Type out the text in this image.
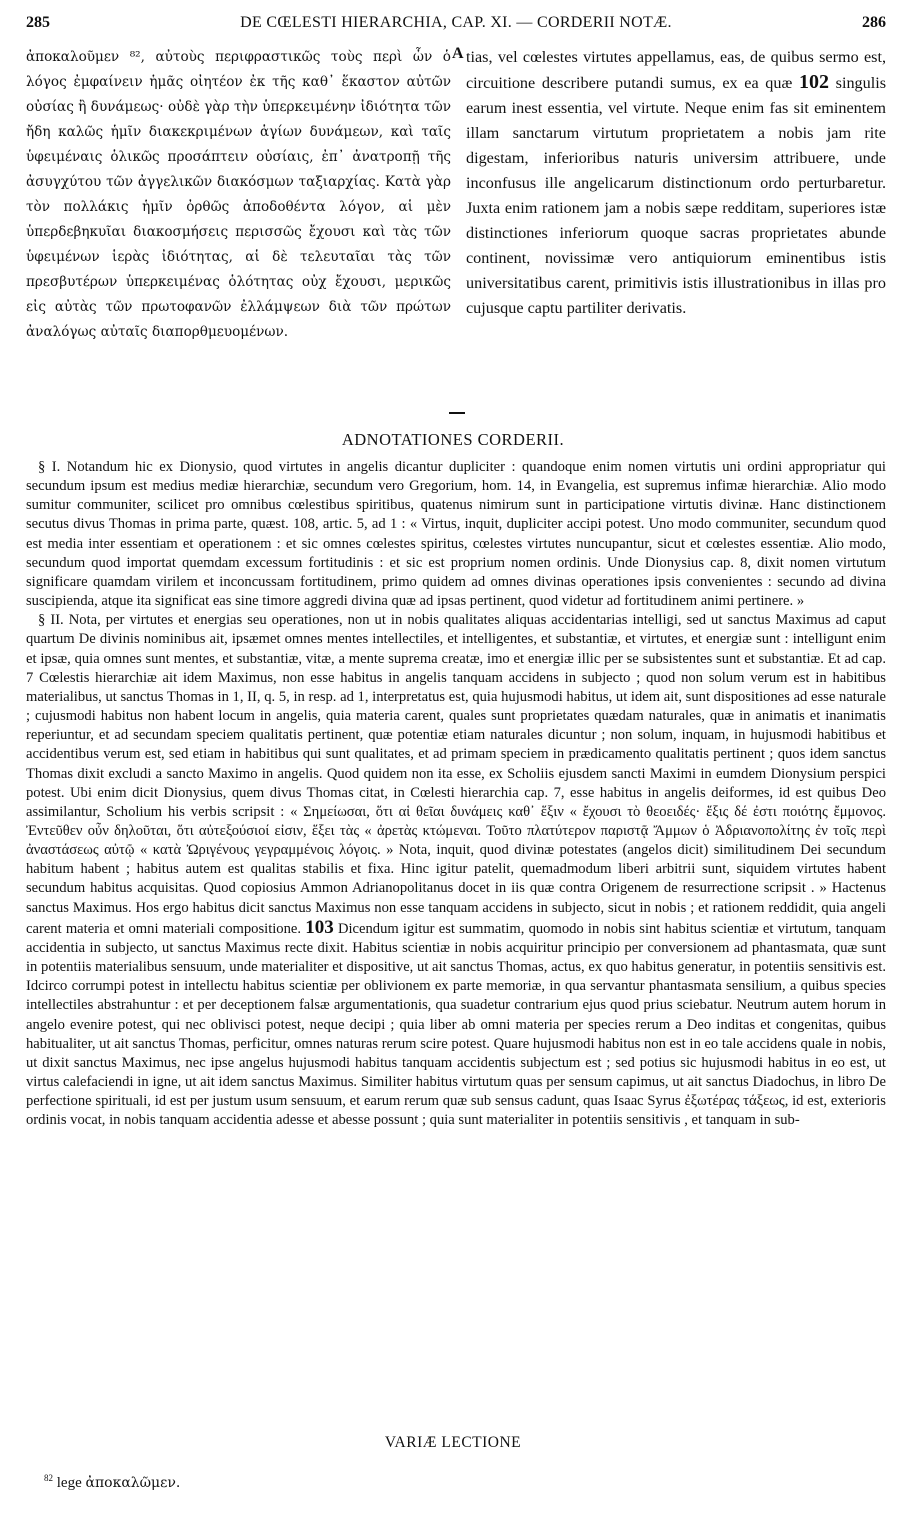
285	DE CŒLESTI HIERARCHIA, CAP. XI. — CORDERII NOTÆ.	286
ἀποκαλοῦμεν ⁸², αὐτοὺς περιφραστικῶς τοὺς περὶ ὧν ὁ λόγος ἐμφαίνειν ἡμᾶς οἰητέον ἐκ τῆς καθ᾽ ἕκαστον αὐτῶν οὐσίας ἢ δυνάμεως· οὐδὲ γὰρ τὴν ὑπερκειμένην ἰδιότητα τῶν ἤδη καλῶς ἡμῖν διακεκριμένων ἁγίων δυνάμεων, καὶ ταῖς ὑφειμέναις ὁλικῶς προσάπτειν οὐσίαις, ἐπ᾽ ἀνατροπῇ τῆς ἀσυγχύτου τῶν ἀγγελικῶν διακόσμων ταξιαρχίας. Κατὰ γὰρ τὸν πολλάκις ἡμῖν ὀρθῶς ἀποδοθέντα λόγον, αἱ μὲν ὑπερδεβηκυῖαι διακοσμήσεις περισσῶς ἔχουσι καὶ τὰς τῶν ὑφειμένων ἱερὰς ἰδιότητας, αἱ δὲ τελευταῖαι τὰς τῶν πρεσβυτέρων ὑπερκειμένας ὁλότητας οὐχ ἔχουσι, μερικῶς εἰς αὐτὰς τῶν πρωτοφανῶν ἐλλάμψεων διὰ τῶν πρώτων ἀναλόγως αὐταῖς διαπορθμευομένων.
A tias, vel cœlestes virtutes appellamus, eas, de quibus sermo est, circuitione describere putandi sumus, ex ea quæ 102 singulis earum inest essentia, vel virtute. Neque enim fas sit eminentem illam sanctarum virtutum proprietatem a nobis jam rite digestam, inferioribus naturis universim attribuere, unde inconfusus ille angelicarum distinctionum ordo perturbaretur. Juxta enim rationem jam a nobis sæpe redditam, superiores istæ distinctiones inferiorum quoque sacras proprietates abunde continent, novissimæ vero antiquiorum eminentibus istis universitatibus carent, primitivis istis illustrationibus in illas pro cujusque captu partiliter derivatis.
ADNOTATIONES CORDERII.

§ I. Notandum hic ex Dionysio, quod virtutes in angelis dicantur dupliciter : quandoque enim nomen virtutis uni ordini appropriatur qui secundum ipsum est medius mediæ hierarchiæ, secundum vero Gregorium, hom. 14, in Evangelia, est supremus infimæ hierarchiæ. Alio modo sumitur communiter, scilicet pro omnibus cœlestibus spiritibus, quatenus nimirum sunt in participatione virtutis divinæ. Hanc distinctionem secutus divus Thomas in prima parte, quæst. 108, artic. 5, ad 1 : « Virtus, inquit, dupliciter accipi potest. Uno modo communiter, secundum quod est media inter essentiam et operationem : et sic omnes cœlestes spiritus, cœlestes virtutes nuncupantur, sicut et cœlestes essentiæ. Alio modo, secundum quod importat quemdam excessum fortitudinis : et sic est proprium nomen ordinis. Unde Dionysius cap. 8, dixit nomen virtutum significare quamdam virilem et inconcussam fortitudinem, primo quidem ad omnes divinas operationes ipsis convenientes : secundo ad divina suscipienda, atque ita significat eas sine timore aggredi divina quæ ad ipsas pertinent, quod videtur ad fortitudinem animi pertinere. »

§ II. Nota, per virtutes et energias seu operationes, non ut in nobis qualitates aliquas accidentarias intelligi, sed ut sanctus Maximus ad caput quartum De divinis nominibus ait, ipsæmet omnes mentes intellectiles, et intelligentes, et substantiæ, et virtutes, et energiæ sunt : intelligunt enim et ipsæ, quia omnes sunt mentes, et substantiæ, vitæ, a mente suprema creatæ, imo et energiæ illic per se subsistentes sunt et substantiæ. Et ad cap. 7 Cœlestis hierarchiæ ait idem Maximus, non esse habitus in angelis tanquam accidens in subjecto ; quod non solum verum est in habitibus materialibus, ut sanctus Thomas in 1, II, q. 5, in resp. ad 1, interpretatus est, quia hujusmodi habitus, ut idem ait, sunt dispositiones ad esse naturale ; cujusmodi habitus non habent locum in angelis, quia materia carent, quales sunt proprietates quædam naturales, quæ in animatis et inanimatis reperiuntur, et ad secundam speciem qualitatis pertinent, quæ potentiæ etiam naturales dicuntur ; non solum, inquam, in hujusmodi habitibus et accidentibus verum est, sed etiam in habitibus qui sunt qualitates, et ad primam speciem in prædicamento qualitatis pertinent ; quos idem sanctus Thomas dixit excludi a sancto Maximo in angelis. Quod quidem non ita esse, ex Scholiis ejusdem sancti Maximi in eumdem Dionysium perspici potest. Ubi enim dicit Dionysius, quem divus Thomas citat, in Cœlesti hierarchia cap. 7, esse habitus in angelis deiformes, id est quibus Deo assimilantur, Scholium his verbis scripsit : « Σημείωσαι, ὅτι αἱ θεῖαι δυνάμεις καθ᾽ ἕξιν « ἔχουσι τὸ θεοειδές· ἕξις δέ ἐστι ποιότης ἔμμονος. Ἐντεῦθεν οὖν δηλοῦται, ὅτι αὐτεξούσιοί εἰσιν, ἕξει τὰς « ἀρετὰς κτώμεναι. Τοῦτο πλατύτερον παριστᾷ Ἄμμων ὁ Ἀδριανοπολίτης ἐν τοῖς περὶ ἀναστάσεως αὐτῷ « κατὰ Ὠριγένους γεγραμμένοις λόγοις. » Nota, inquit, quod divinæ potestates (angelos dicit) similitudinem Dei secundum habitum habent ; habitus autem est qualitas stabilis et fixa. Hinc igitur patelit, quemadmodum liberi arbitrii sunt, siquidem virtutes habent secundum habitus acquisitas. Quod copiosius Ammon Adrianopolitanus docet in iis quæ contra Origenem de resurrectione scripsit . » Hactenus sanctus Maximus. Hos ergo habitus dicit sanctus Maximus non esse tanquam accidens in subjecto, sicut in nobis ; et rationem reddidit, quia angeli carent materia et omni materiali compositione. 103 Dicendum igitur est summatim, quomodo in nobis sint habitus scientiæ et virtutum, tanquam accidentia in subjecto, ut sanctus Maximus recte dixit. Habitus scientiæ in nobis acquiritur principio per conversionem ad phantasmata, quæ sunt in potentiis materialibus sensuum, unde materialiter et dispositive, ut ait sanctus Thomas, actus, ex quo habitus generatur, in potentiis sensitivis est. Idcirco corrumpi potest in intellectu habitus scientiæ per oblivionem ex parte memoriæ, in qua servantur phantasmata sensilium, a quibus species intellectiles abstrahuntur : et per deceptionem falsæ argumentationis, qua suadetur contrarium ejus quod prius sciebatur. Neutrum autem horum in angelo evenire potest, qui nec oblivisci potest, neque decipi ; quia liber ab omni materia per species rerum a Deo inditas et congenitas, quibus habitualiter, ut ait sanctus Thomas, perficitur, omnes naturas rerum scire potest. Quare hujusmodi habitus non est in eo tale accidens quale in nobis, ut dixit sanctus Maximus, nec ipse angelus hujusmodi habitus tanquam accidentis subjectum est ; sed potius sic hujusmodi habitus in eo est, ut virtus calefaciendi in igne, ut ait idem sanctus Maximus. Similiter habitus virtutum quas per sensum capimus, ut ait sanctus Diadochus, in libro De perfectione spirituali, id est per justum usum sensuum, et earum rerum quæ sub sensus cadunt, quas Isaac Syrus ἐξωτέρας τάξεως, id est, exterioris ordinis vocat, in nobis tanquam accidentia adesse et abesse possunt ; quia sunt materialiter in potentiis sensitivis , et tanquam in sub-

VARIÆ LECTIONE
$^{82}$ lege ἀποκαλῶμεν.
